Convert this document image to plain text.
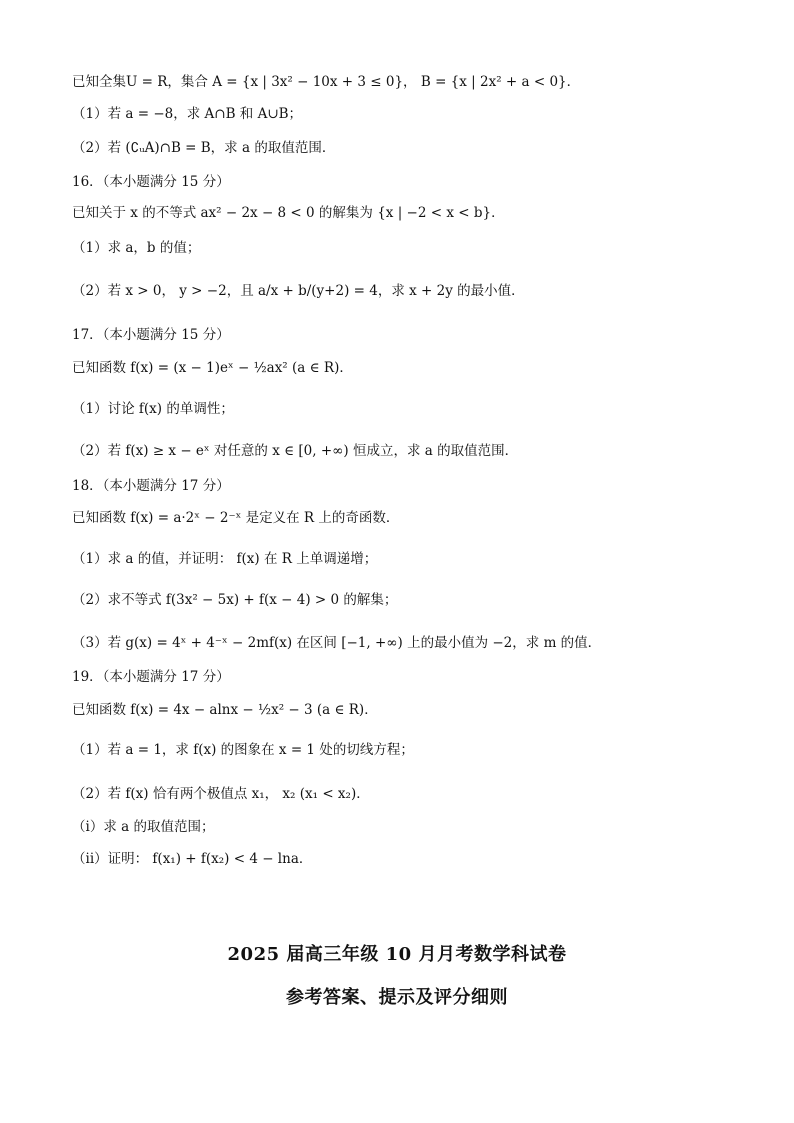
已知全集U = R，集合 A = {x | 3x² − 10x + 3 ≤ 0}， B = {x | 2x² + a < 0}．
（1）若 a = −8，求 A∩B 和 A∪B；
（2）若 (∁ᵤA)∩B = B，求 a 的取值范围．
16．（本小题满分 15 分）
已知关于 x 的不等式 ax² − 2x − 8 < 0 的解集为 {x | −2 < x < b}．
（1）求 a，b 的值；
（2）若 x > 0， y > −2，且 a/x + b/(y+2) = 4，求 x + 2y 的最小值．
17．（本小题满分 15 分）
已知函数 f(x) = (x − 1)eˣ − ½ax² (a ∈ R)．
（1）讨论 f(x) 的单调性；
（2）若 f(x) ≥ x − eˣ 对任意的 x ∈ [0, +∞) 恒成立，求 a 的取值范围．
18．（本小题满分 17 分）
已知函数 f(x) = a·2ˣ − 2⁻ˣ 是定义在 R 上的奇函数．
（1）求 a 的值，并证明： f(x) 在 R 上单调递增；
（2）求不等式 f(3x² − 5x) + f(x − 4) > 0 的解集；
（3）若 g(x) = 4ˣ + 4⁻ˣ − 2mf(x) 在区间 [−1, +∞) 上的最小值为 −2，求 m 的值．
19．（本小题满分 17 分）
已知函数 f(x) = 4x − alnx − ½x² − 3 (a ∈ R)．
（1）若 a = 1，求 f(x) 的图象在 x = 1 处的切线方程；
（2）若 f(x) 恰有两个极值点 x₁， x₂ (x₁ < x₂)．
（i）求 a 的取值范围；
（ii）证明： f(x₁) + f(x₂) < 4 − lna．
2025 届高三年级 10 月月考数学科试卷
参考答案、提示及评分细则
